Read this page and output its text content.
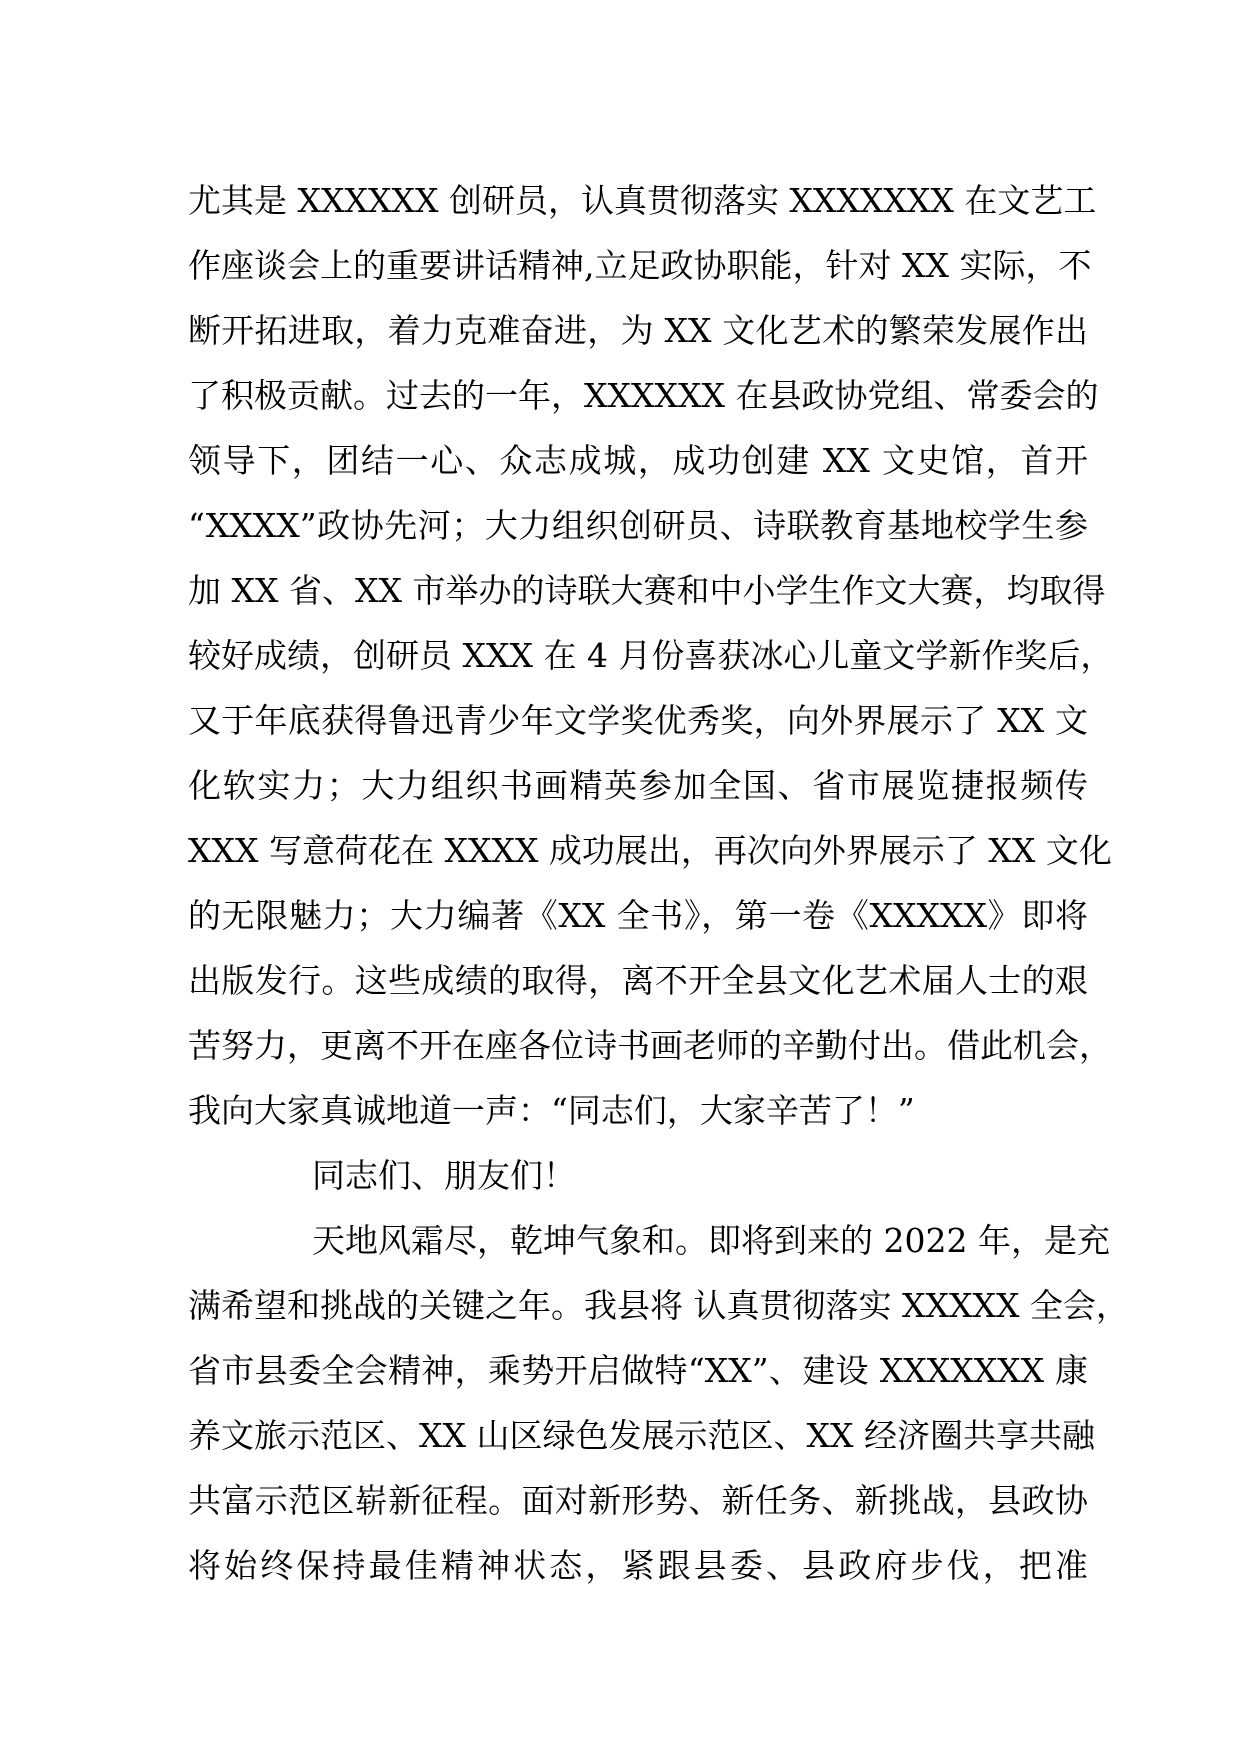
尤其是 XXXXXX 创研员，认真贯彻落实 XXXXXXX 在文艺工
作座谈会上的重要讲话精神,立足政协职能，针对 XX 实际，不
断开拓进取，着力克难奋进，为 XX 文化艺术的繁荣发展作出
了积极贡献。过去的一年，XXXXXX 在县政协党组、常委会的
领导下，团结一心、众志成城，成功创建 XX 文史馆，首开
“XXXX”政协先河；大力组织创研员、诗联教育基地校学生参
加 XX 省、XX 市举办的诗联大赛和中小学生作文大赛，均取得
较好成绩，创研员 XXX 在 4 月份喜获冰心儿童文学新作奖后，
又于年底获得鲁迅青少年文学奖优秀奖，向外界展示了 XX 文
化软实力；大力组织书画精英参加全国、省市展览捷报频传
XXX 写意荷花在 XXXX 成功展出，再次向外界展示了 XX 文化
的无限魅力；大力编著《XX 全书》，第一卷《XXXXX》即将
出版发行。这些成绩的取得，离不开全县文化艺术届人士的艰
苦努力，更离不开在座各位诗书画老师的辛勤付出。借此机会，
我向大家真诚地道一声：“同志们，大家辛苦了！”
同志们、朋友们！
天地风霜尽，乾坤气象和。即将到来的 2022 年，是充
满希望和挑战的关键之年。我县将 认真贯彻落实 XXXXX 全会，
省市县委全会精神，乘势开启做特“XX”、建设 XXXXXXX 康
养文旅示范区、XX 山区绿色发展示范区、XX 经济圈共享共融
共富示范区崭新征程。面对新形势、新任务、新挑战，县政协
将始终保持最佳精神状态，紧跟县委、县政府步伐，把准
